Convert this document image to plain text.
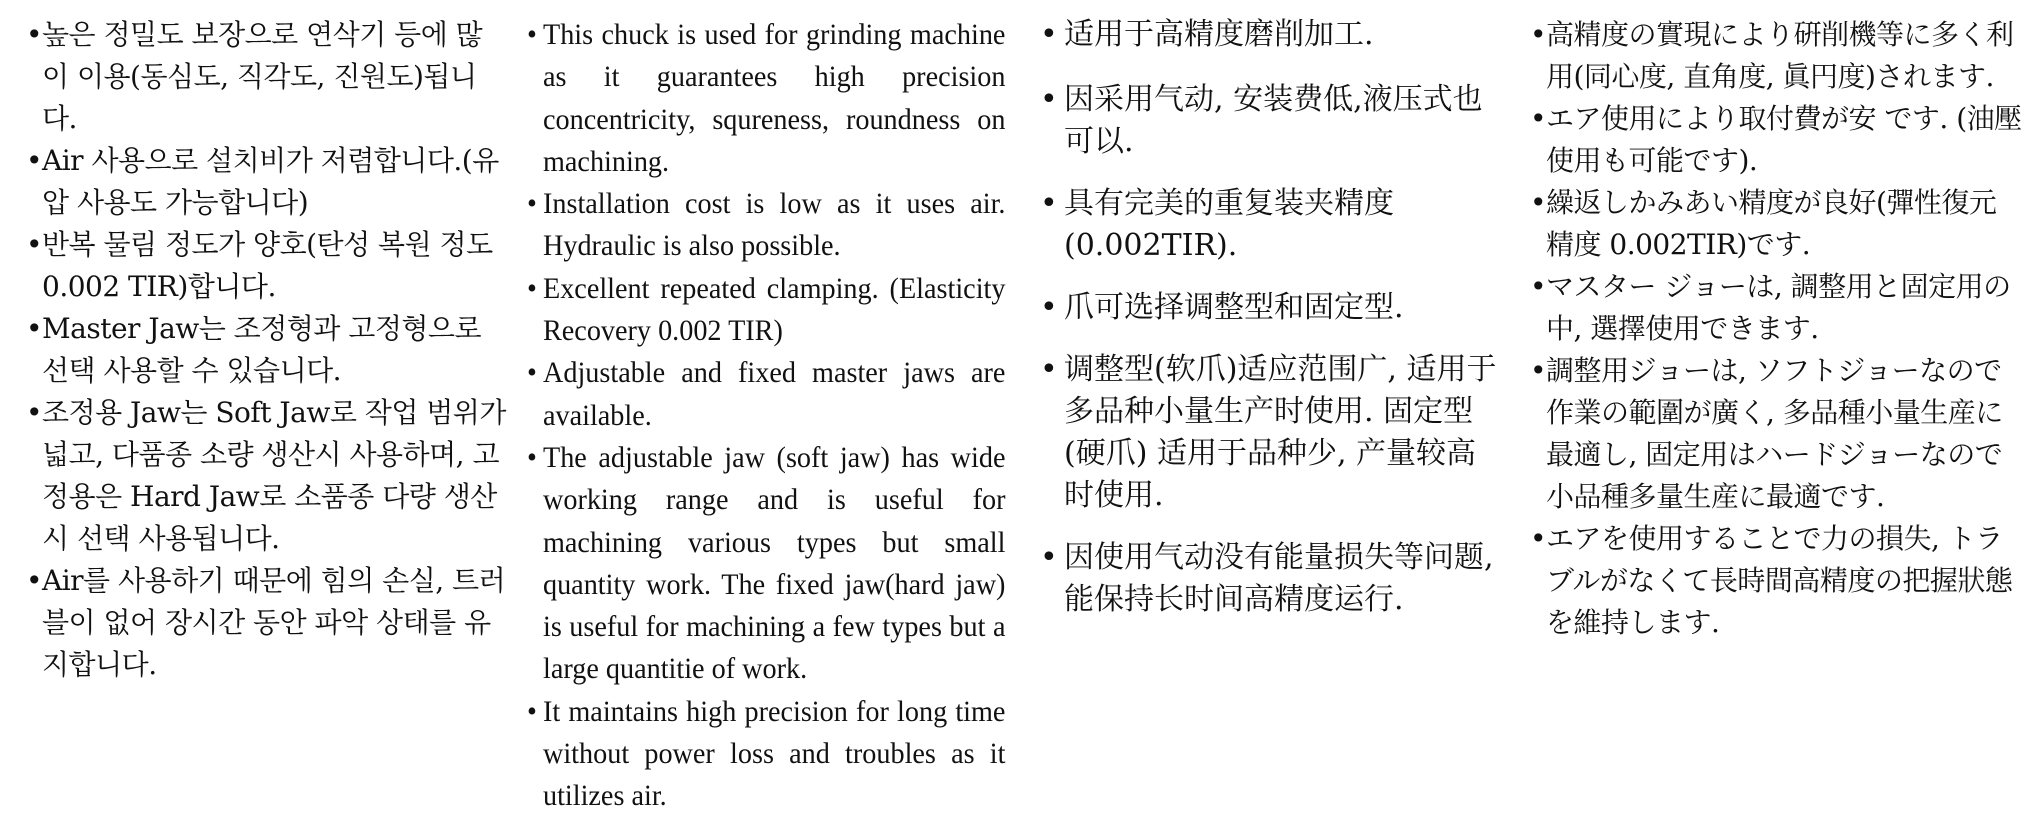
• 높은 정밀도 보장으로 연삭기 등에 많이 이용(동심도, 직각도, 진원도)됩니다.
• Air 사용으로 설치비가 저렴합니다.(유압 사용도 가능합니다)
• 반복 물림 정도가 양호(탄성 복원 정도 0.002 TIR)합니다.
• Master Jaw는 조정형과 고정형으로 선택 사용할 수 있습니다.
• 조정용 Jaw는 Soft Jaw로 작업 범위가 넓고, 다품종 소량 생산시 사용하며, 고정용은 Hard Jaw로 소품종 다량 생산시 선택 사용됩니다.
• Air를 사용하기 때문에 힘의 손실, 트러블이 없어 장시간 동안 파악 상태를 유지합니다.
• This chuck is used for grinding machine as it guarantees high precision concentricity, squreness, roundness on machining.
• Installation cost is low as it uses air. Hydraulic is also possible.
• Excellent repeated clamping. (Elasticity Recovery 0.002 TIR)
• Adjustable and fixed master jaws are available.
• The adjustable jaw (soft jaw) has wide working range and is useful for machining various types but small quantity work. The fixed jaw(hard jaw) is useful for machining a few types but a large quantitie of work.
• It maintains high precision for long time without power loss and troubles as it utilizes air.
• 适用于高精度磨削加工.
• 因采用气动, 安装费低,液压式也可以.
• 具有完美的重复装夹精度(0.002TIR).
• 爪可选择调整型和固定型.
• 调整型(软爪)适应范围广, 适用于多品种小量生产时使用. 固定型(硬爪) 适用于品种少, 产量较高时使用.
• 因使用气动没有能量损失等问题, 能保持长时间高精度运行.
• 高精度の實現により硏削機等に多く利用(同心度, 直角度, 眞円度)されます.
• エア使用により取付費が安 です. (油壓使用も可能です).
• 繰返しかみあい精度が良好(彈性復元精度 0.002TIR)です.
• マスター ジョーは, 調整用と固定用の中, 選擇使用できます.
• 調整用ジョーは, ソフトジョーなので作業の範圍が廣く, 多品種小量生産に最適し, 固定用はハードジョーなので小品種多量生産に最適です.
• エアを使用することで力の損失, トラブルがなくて長時間高精度の把握狀態を維持します.
